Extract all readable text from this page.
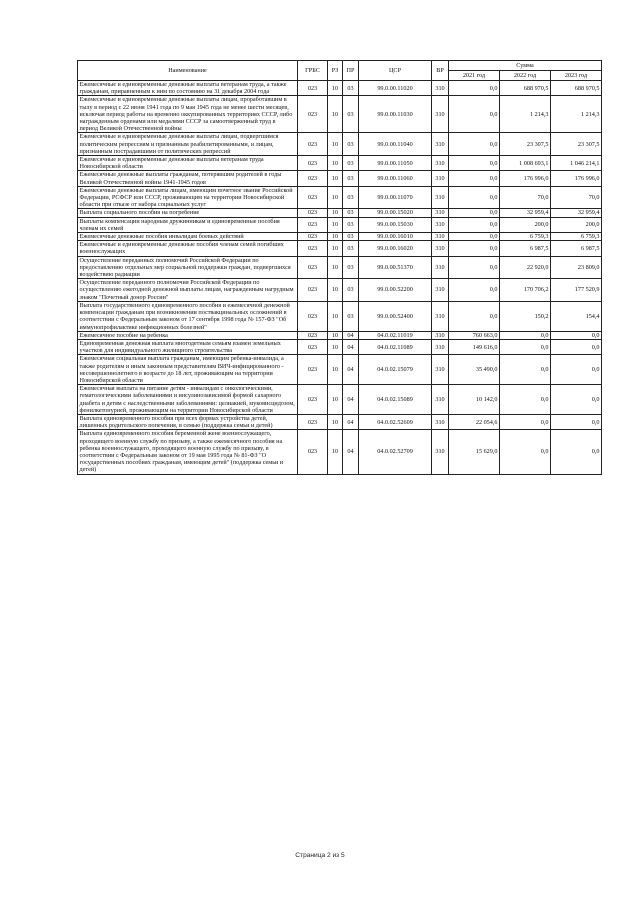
Наименование	ГРБС	РЗ	ПР	ЦСР	ВР	Сумма		
						2021 год	2022 год	2023 год
Ежемесячные и единовременные денежные выплаты ветеранам труда, а также гражданам, приравненным к ним по состоянию на 31 декабря 2004 года	023	10	03	99.0.00.11020	310	0,0	688 970,5	688 970,5
Ежемесячные и единовременные денежные выплаты лицам, проработавшим в тылу в период с 22 июня 1941 года по 9 мая 1945 года не менее шести месяцев, исключая период работы на временно оккупированных территориях СССР, либо награжденным орденами или медалями СССР за самоотверженный труд в период Великой Отечественной войны	023	10	03	99.0.00.11030	310	0,0	1 214,3	1 214,3
Ежемесячные и единовременные денежные выплаты лицам, подвергшимся политическим репрессиям и признанным реабилитированными, и лицам, признанным пострадавшими от политических репрессий	023	10	03	99.0.00.11040	310	0,0	23 307,5	23 307,5
Ежемесячные и единовременные денежные выплаты ветеранам труда Новосибирской области	023	10	03	99.0.00.11050	310	0,0	1 008 693,1	1 046 214,1
Ежемесячные денежные выплаты гражданам, потерявшим родителей в годы Великой Отечественной войны 1941-1945 годов	023	10	03	99.0.00.11060	310	0,0	176 996,0	176 996,0
Ежемесячные денежные выплаты лицам, имеющим почетное звание Российской Федерации, РСФСР или СССР, проживающим на территории Новосибирской области при отказе от набора социальных услуг	023	10	03	99.0.00.11070	310	0,0	70,0	70,0
Выплата социального пособия на погребение	023	10	03	99.0.00.15020	310	0,0	32 959,4	32 959,4
Выплаты компенсации народным дружинникам и единовременные пособия членам их семей	023	10	03	99.0.00.15030	310	0,0	200,0	200,0
Ежемесячные денежные пособия инвалидам боевых действий	023	10	03	99.0.00.16010	310	0,0	6 759,3	6 759,3
Ежемесячные и единовременные денежные пособия членам семей погибших военнослужащих	023	10	03	99.0.00.16020	310	0,0	6 987,5	6 987,5
Осуществление переданных полномочий Российской Федерации по предоставлению отдельных мер социальной поддержки граждан, подвергшихся воздействию радиации	023	10	03	99.0.00.51370	310	0,0	22 920,0	23 809,0
Осуществление переданного полномочия Российской Федерации по осуществлению ежегодной денежной выплаты лицам, награжденным нагрудным знаком "Почетный донор России"	023	10	03	99.0.00.52200	310	0,0	170 706,2	177 520,9
Выплата государственного единовременного пособия и ежемесячной денежной компенсации гражданам при возникновении поствакцинальных осложнений в соответствии с Федеральным законом от 17 сентября 1998 года № 157-ФЗ "Об иммунопрофилактике инфекционных болезней"	023	10	03	99.0.00.52400	310	0,0	150,2	154,4
Ежемесячное пособие на ребенка	023	10	04	04.0.02.11019	310	760 663,0	0,0	0,0
Единовременная денежная выплата многодетным семьям взамен земельных участков для индивидуального жилищного строительства	023	10	04	04.0.02.11089	310	149 616,0	0,0	0,0
Ежемесячная социальная выплата гражданам, имеющим ребенка-инвалида, а также родителям и иным законным представителям ВИЧ-инфицированного - несовершеннолетнего в возрасте до 18 лет, проживающим на территории Новосибирской области	023	10	04	04.0.02.15079	310	35 490,0	0,0	0,0
Ежемесячная выплата на питание детям - инвалидам с онкологическими, гематологическими заболеваниями и инсулинозависимой формой сахарного диабета и детям с наследственными заболеваниями: целиакией, муковисцидозом, фенилкетонурией, проживающим на территории Новосибирской области	023	10	04	04.0.02.15089	310	10 142,0	0,0	0,0
Выплата единовременного пособия при всех формах устройства детей, лишенных родительского попечения, в семью (поддержка семьи и детей)	023	10	04	04.0.02.52609	310	22 054,6	0,0	0,0
Выплата единовременного пособия беременной жене военнослужащего, проходящего военную службу по призыву, а также ежемесячного пособия на ребенка военнослужащего, проходящего военную службу по призыву, в соответствии с Федеральным законом от 19 мая 1995 года № 81-ФЗ "О государственных пособиях гражданам, имеющим детей" (поддержка семьи и детей)	023	10	04	04.0.02.52709	310	15 629,0	0,0	0,0
Страница 2 из 5
